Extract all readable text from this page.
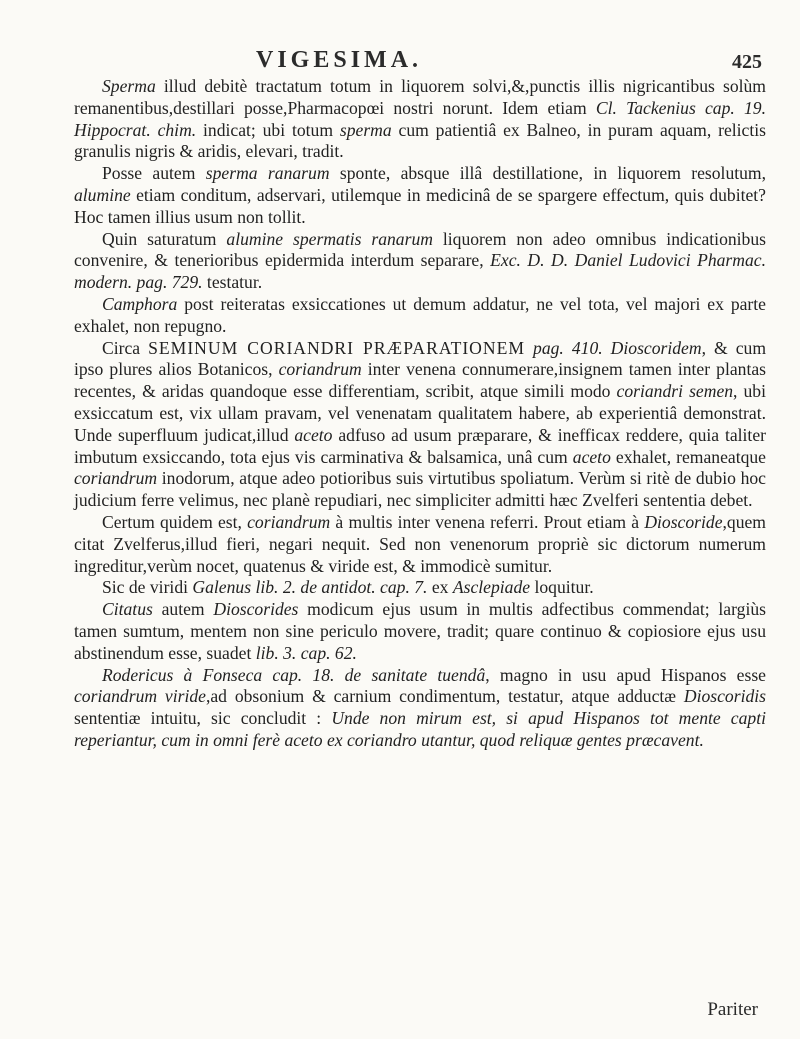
VIGESIMA.	425

Sperma illud debitè tractatum totum in liquorem solvi,&,punctis illis nigricantibus solùm remanentibus,destillari posse,Pharmacopœi nostri norunt. Idem etiam Cl. Tackenius cap. 19. Hippocrat. chim. indicat; ubi totum sperma cum patientiâ ex Balneo, in puram aquam, relictis granulis nigris & aridis, elevari, tradit.

Posse autem sperma ranarum sponte, absque illâ destillatione, in liquorem resolutum, alumine etiam conditum, adservari, utilemque in medicinâ de se spargere effectum, quis dubitet? Hoc tamen illius usum non tollit.

Quin saturatum alumine spermatis ranarum liquorem non adeo omnibus indicationibus convenire, & tenerioribus epidermida interdum separare, Exc. D. D. Daniel Ludovici Pharmac. modern. pag. 729. testatur.

Camphora post reiteratas exsiccationes ut demum addatur, ne vel tota, vel majori ex parte exhalet, non repugno.

Circa SEMINUM CORIANDRI PRÆPARATIONEM pag. 410. Dioscoridem, & cum ipso plures alios Botanicos, coriandrum inter venena connumerare,insignem tamen inter plantas recentes, & aridas quandoque esse differentiam, scribit, atque simili modo coriandri semen, ubi exsiccatum est, vix ullam pravam, vel venenatam qualitatem habere, ab experientiâ demonstrat. Unde superfluum judicat,illud aceto adfuso ad usum præparare, & inefficax reddere, quia taliter imbutum exsiccando, tota ejus vis carminativa & balsamica, unâ cum aceto exhalet, remaneatque coriandrum inodorum, atque adeo potioribus suis virtutibus spoliatum. Verùm si ritè de dubio hoc judicium ferre velimus, nec planè repudiari, nec simpliciter admitti hæc Zvelferi sententia debet.

Certum quidem est, coriandrum à multis inter venena referri. Prout etiam à Dioscoride,quem citat Zvelferus,illud fieri, negari nequit. Sed non venenorum propriè sic dictorum numerum ingreditur,verùm nocet, quatenus & viride est, & immodicè sumitur.

Sic de viridi Galenus lib. 2. de antidot. cap. 7. ex Asclepiade loquitur.

Citatus autem Dioscorides modicum ejus usum in multis adfectibus commendat; largiùs tamen sumtum, mentem non sine periculo movere, tradit; quare continuo & copiosiore ejus usu abstinendum esse, suadet lib. 3. cap. 62.

Rodericus à Fonseca cap. 18. de sanitate tuendâ, magno in usu apud Hispanos esse coriandrum viride,ad obsonium & carnium condimentum, testatur, atque adductæ Dioscoridis sententiæ intuitu, sic concludit : Unde non mirum est, si apud Hispanos tot mente capti reperiantur, cum in omni ferè aceto ex coriandro utantur, quod reliquæ gentes præcavent.

Pariter
